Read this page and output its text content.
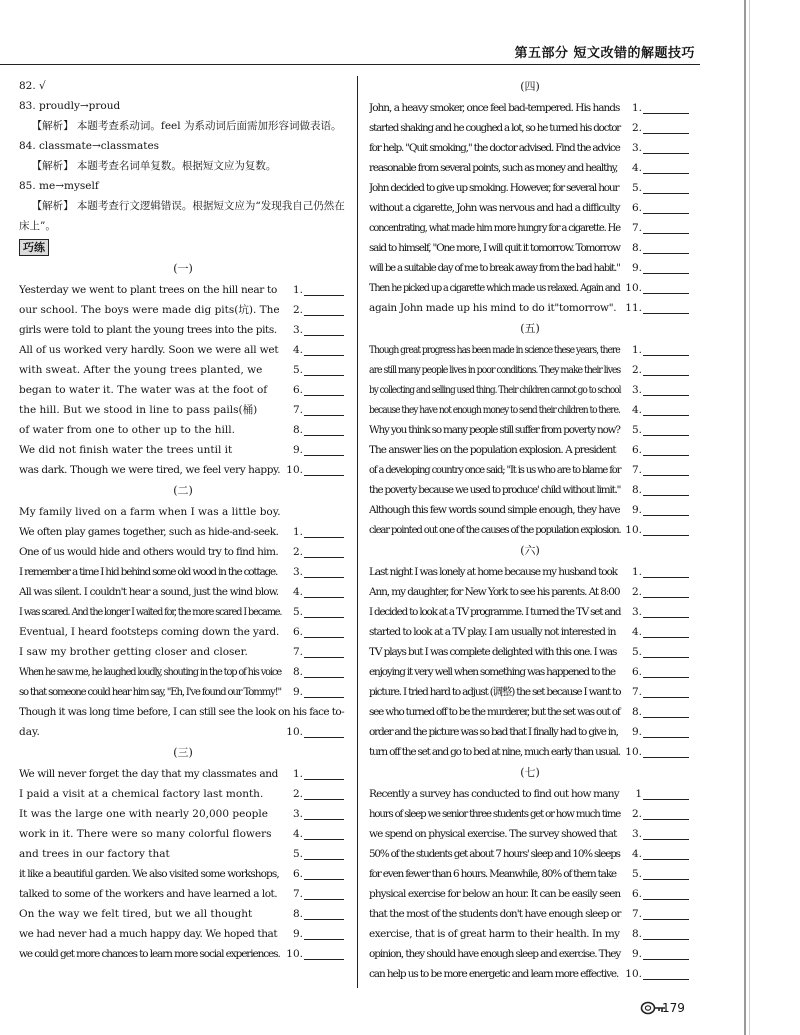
第五部分 短文改错的解题技巧
82. √
83. proudly→proud
【解析】 本题考查系动词。feel 为系动词后面需加形容词做表语。
84. classmate→classmates
【解析】 本题考查名词单复数。根据短文应为复数。
85. me→myself
【解析】 本题考查行文逻辑错误。根据短文应为“发现我自己仍然在床上”。
巧练
(一)
Yesterday we went to plant trees on the hill near to	1.
our school. The boys were made dig pits(坑). The	2.
girls were told to plant the young trees into the pits.	3.
All of us worked very hardly. Soon we were all wet	4.
with sweat. After the young trees planted, we	5.
began to water it. The water was at the foot of	6.
the hill. But we stood in line to pass pails(桶)	7.
of water from one to other up to the hill.	8.
We did not finish water the trees until it	9.
was dark. Though we were tired, we feel very happy. 10.
(二)
My family lived on a farm when I was a little boy.
We often play games together, such as hide-and-seek.	1.
One of us would hide and others would try to find him.	2.
I remember a time I hid behind some old wood in the cottage.	3.
All was silent. I couldn't hear a sound, just the wind blow.	4.
I was scared. And the longer I waited for, the more scared I became.	5.
Eventual, I heard footsteps coming down the yard.	6.
I saw my brother getting closer and closer.	7.
When he saw me, he laughed loudly, shouting in the top of his voice	8.
so that someone could hear him say, "Eh, I've found our Tommy!"	9.
Though it was long time before, I can still see the look on his face to-
day.	10.
(三)
We will never forget the day that my classmates and	1.
I paid a visit at a chemical factory last month.	2.
It was the large one with nearly 20,000 people	3.
work in it. There were so many colorful flowers	4.
and trees in our factory that	5.
it like a beautiful garden. We also visited some workshops,	6.
talked to some of the workers and have learned a lot.	7.
On the way we felt tired, but we all thought	8.
we had never had a much happy day. We hoped that	9.
we could get more chances to learn more social experiences. 10.
(四)
John, a heavy smoker, once feel bad-tempered. His hands	1.
started shaking and he coughed a lot, so he turned his doctor	2.
for help. "Quit smoking," the doctor advised. Find the advice	3.
reasonable from several points, such as money and healthy,	4.
John decided to give up smoking. However, for several hour	5.
without a cigarette, John was nervous and had a difficulty	6.
concentrating, what made him more hungry for a cigarette. He	7.
said to himself, "One more, I will quit it tomorrow. Tomorrow	8.
will be a suitable day of me to break away from the bad habit."	9.
Then he picked up a cigarette which made us relaxed. Again and 10.
again John made up his mind to do it"tomorrow". 11.
(五)
Though great progress has been made in science these years, there	1.
are still many people lives in poor conditions. They make their lives	2.
by collecting and selling used thing. Their children cannot go to school	3.
because they have not enough money to send their children to there.	4.
Why you think so many people still suffer from poverty now?	5.
The answer lies on the population explosion. A president	6.
of a developing country once said; "It is us who are to blame for	7.
the poverty because we used to produce' child without limit."	8.
Although this few words sound simple enough, they have	9.
clear pointed out one of the causes of the population explosion. 10.
(六)
Last night I was lonely at home because my husband took	1.
Ann, my daughter, for New York to see his parents. At 8:00	2.
I decided to look at a TV programme. I turned the TV set and	3.
started to look at a TV play. I am usually not interested in	4.
TV plays but I was complete delighted with this one. I was	5.
enjoying it very well when something was happened to the	6.
picture. I tried hard to adjust (调整) the set because I want to	7.
see who turned off to be the murderer, but the set was out of	8.
order and the picture was so bad that I finally had to give in,	9.
turn off the set and go to bed at nine, much early than usual. 10.
(七)
Recently a survey has conducted to find out how many	1
hours of sleep we senior three students get or how much time	2.
we spend on physical exercise. The survey showed that	3.
50% of the students get about 7 hours' sleep and 10% sleeps	4.
for even fewer than 6 hours. Meanwhile, 80% of them take	5.
physical exercise for below an hour. It can be easily seen	6.
that the most of the students don't have enough sleep or	7.
exercise, that is of great harm to their health. In my	8.
opinion, they should have enough sleep and exercise. They	9.
can help us to be more energetic and learn more effective. 10.
179
